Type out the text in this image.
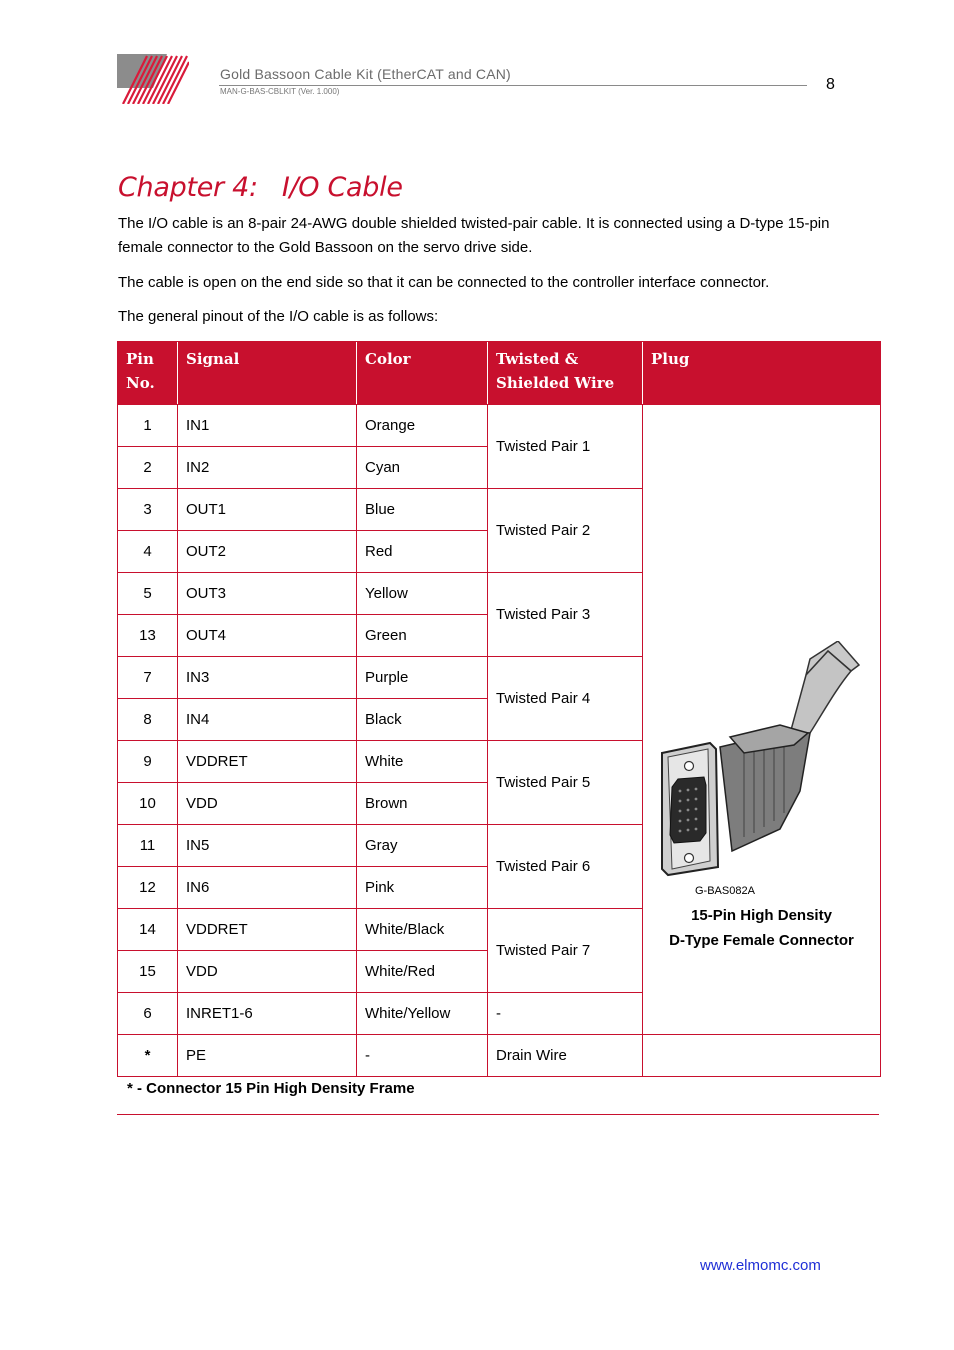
Gold Bassoon Cable Kit (EtherCAT and CAN)
MAN-G-BAS-CBLKIT (Ver. 1.000)	8
Chapter 4: I/O Cable
The I/O cable is an 8-pair 24-AWG double shielded twisted-pair cable. It is connected using a D-type 15-pin female connector to the Gold Bassoon on the servo drive side.
The cable is open on the end side so that it can be connected to the controller interface connector.
The general pinout of the I/O cable is as follows:
Pin No.	Signal	Color	Twisted & Shielded Wire	Plug
1	IN1	Orange	Twisted Pair 1	G-BAS082A
15-Pin High Density
D-Type Female Connector

2	IN2	Cyan		
3	OUT1	Blue	Twisted Pair 2	
4	OUT2	Red		
5	OUT3	Yellow	Twisted Pair 3	
13	OUT4	Green		
7	IN3	Purple	Twisted Pair 4	
8	IN4	Black		
9	VDDRET	White	Twisted Pair 5	
10	VDD	Brown		
11	IN5	Gray	Twisted Pair 6	
12	IN6	Pink		
14	VDDRET	White/Black	Twisted Pair 7	
15	VDD	White/Red		
6	INRET1-6	White/Yellow	-	
*	PE	-	Drain Wire	
* - Connector 15 Pin High Density Frame
www.elmomc.com
